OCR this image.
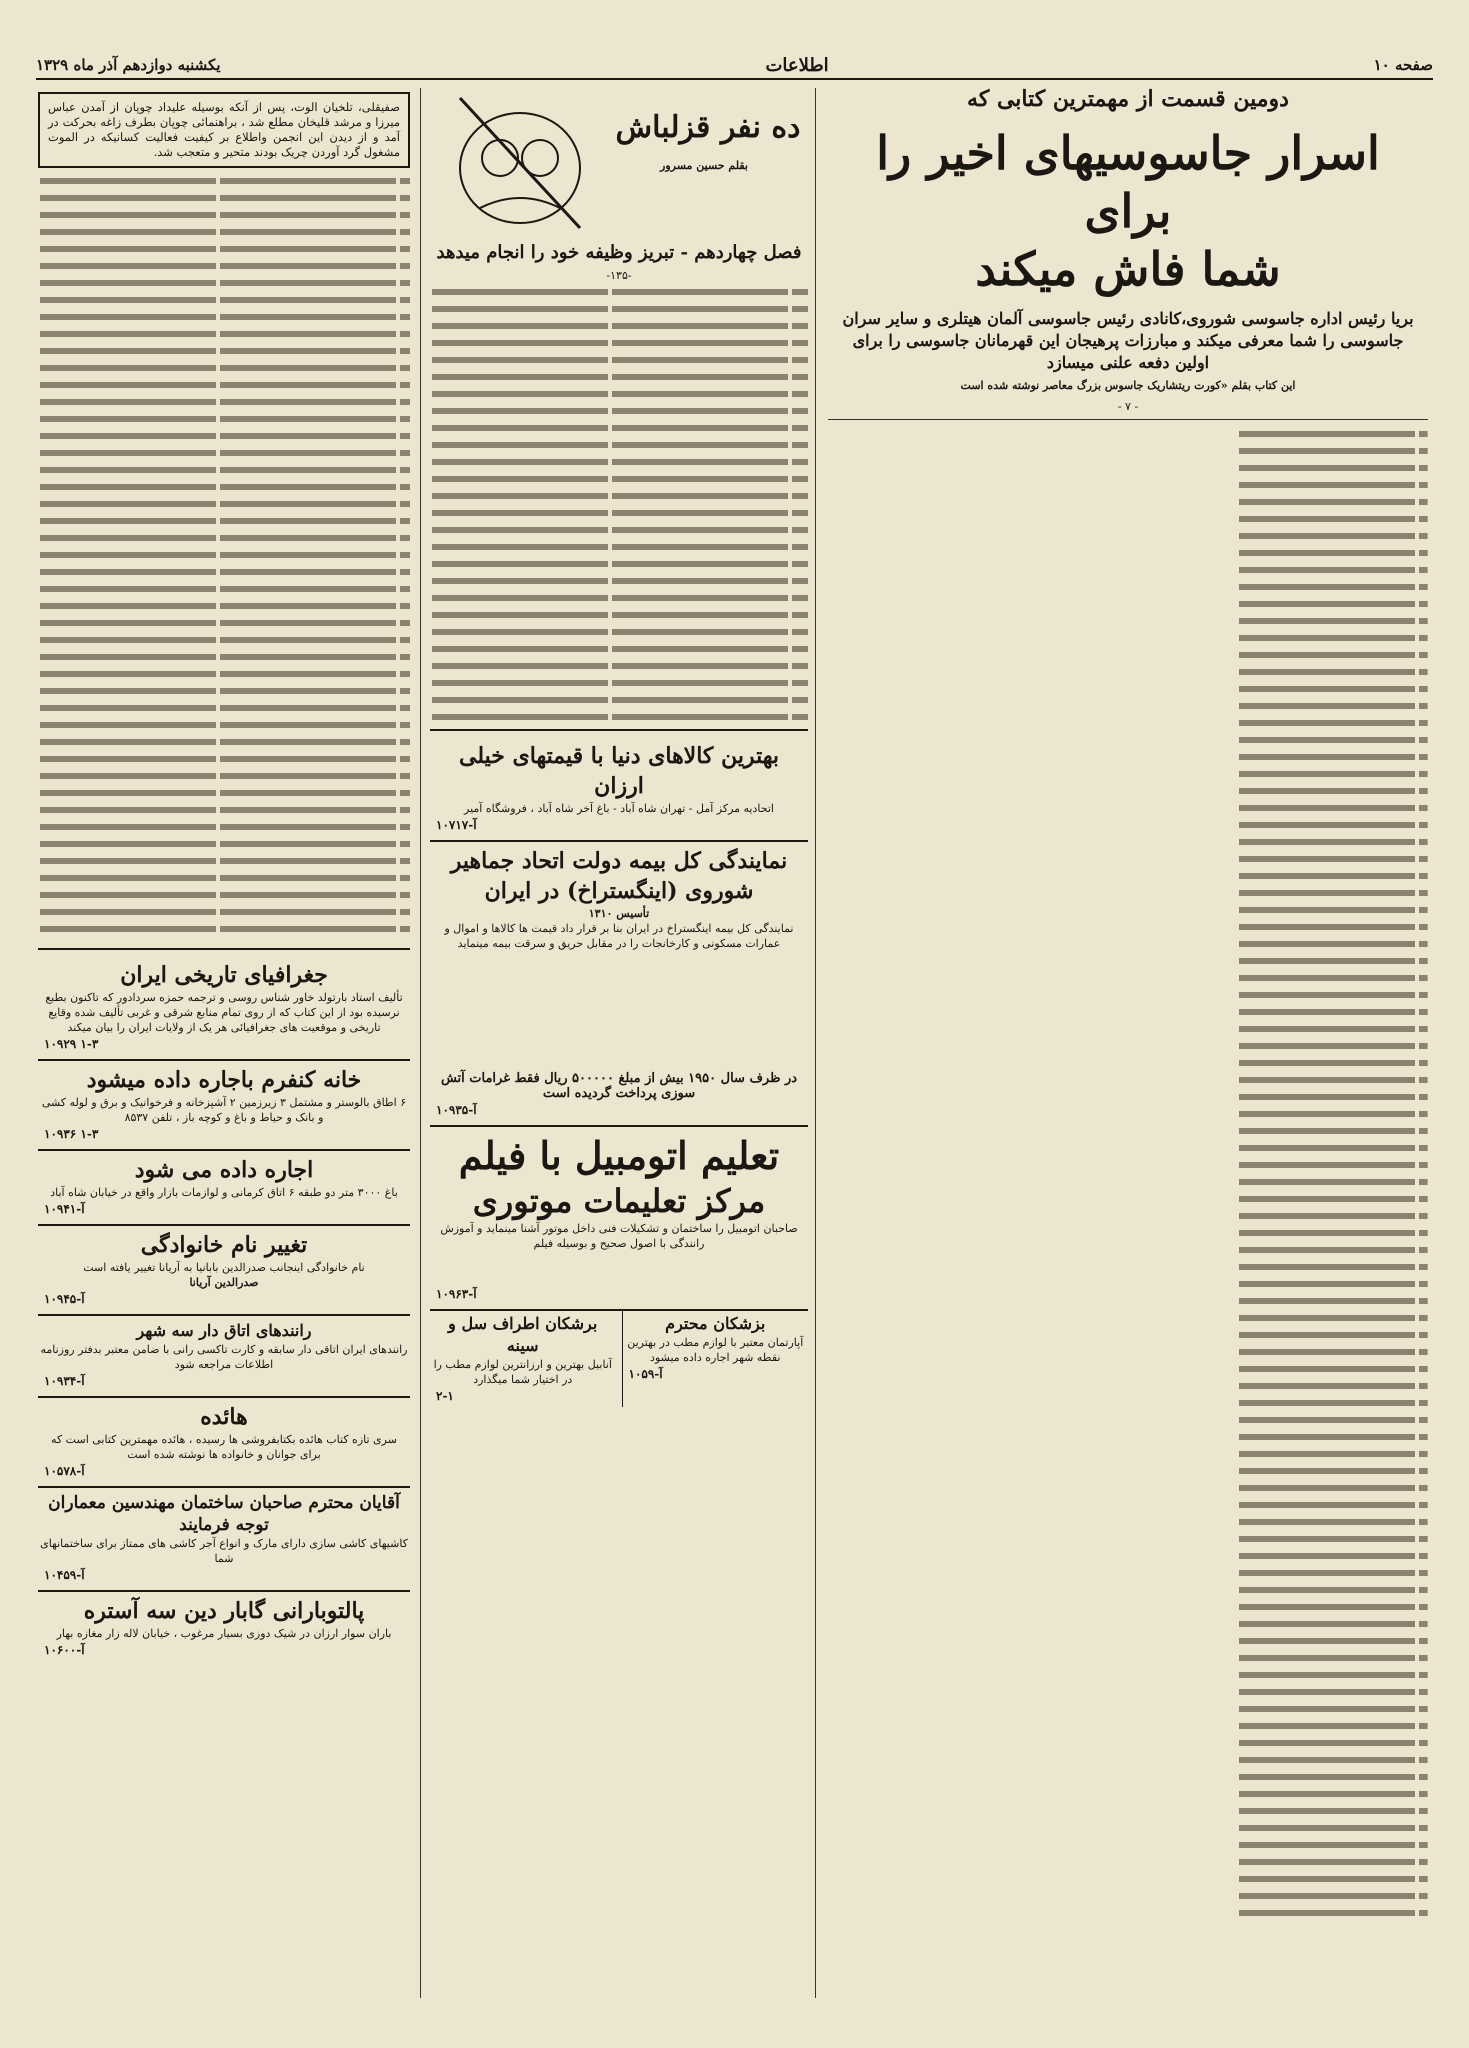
صفحه ۱۰
اطلاعات
یکشنبه دوازدهم آذر ماه ۱۳۲۹
دومین قسمت از مهمترین کتابی که
اسرار جاسوسیهای اخیر را برای
شما فاش میکند
بریا رئیس اداره جاسوسی شوروی،کانادی رئیس جاسوسی آلمان هیتلری و سایر سران جاسوسی را شما معرفی میکند و مبارزات پرهیجان این قهرمانان جاسوسی را برای اولین دفعه علنی میسازد
این کتاب بقلم «کورت ریتشاریک جاسوس بزرگ معاصر نوشته شده است
- ۷ -
ده نفر قزلباش
بقلم حسین مسرور
فصل چهاردهم - تبریز وظیفه خود را انجام میدهد
-۱۳۵-
بهترین کالاهای دنیا با قیمتهای خیلی ارزان
اتحادیه مرکز آمل - تهران شاه آباد - باغ آخر شاه آباد ، فروشگاه آمیر
۱۰۷۱۷-آ
نمایندگی کل بیمه دولت اتحاد جماهیر شوروی (اینگستراخ) در ایران
تأسیس ۱۳۱۰
نمایندگی کل بیمه اینگستراخ در ایران بنا بر قرار داد قیمت ها کالاها و اموال و عمارات مسکونی و کارخانجات را در مقابل حریق و سرقت بیمه مینماید
در ظرف سال ۱۹۵۰ بیش از مبلغ ۵۰۰۰۰۰ ریال فقط غرامات آتش سوزی پرداخت گردیده است
۱۰۹۳۵-آ
تعلیم اتومبیل با فیلم
مرکز تعلیمات موتوری
صاحبان اتومبیل را ساختمان و تشکیلات فنی داخل موتور آشنا مینماید و آموزش رانندگی با اصول صحیح و بوسیله فیلم
۱۰۹۶۳-آ
بزشکان محترم
آپارتمان معتبر با لوازم مطب در بهترین نقطه شهر اجاره داده میشود
۱۰۵۹-آ
برشکان اطراف سل و سینه
آنابیل بهترین و ارزانترین لوازم مطب را در اختیار شما میگذارد
۲-۱
صفیقلی، تلخیان الوت، پس از آنکه بوسیله علیداد چوپان از آمدن عباس میرزا و مرشد قلیخان مطلع شد ، براهنمائی چوپان بطرف زاغه بحرکت در آمد و از دیدن این انجمن واطلاع بر کیفیت فعالیت کسانیکه در الموت مشغول گرد آوردن چریک بودند متحیر و متعجب شد.
جغرافیای تاریخی ایران
تألیف استاد بارتولد خاور شناس روسی و ترجمه حمزه سردادور که تاکنون بطبع نرسیده بود از این کتاب که از روی تمام منابع شرقی و غربی تألیف شده وقایع تاریخی و موقعیت های جغرافیائی هر یک از ولایات ایران را بیان میکند
۱۰۹۲۹ ۱-۳
خانه کنفرم باجاره داده میشود
۶ اطاق بالوستر و مشتمل ۳ زیرزمین ۲ آشپزخانه و فرخوانیک و برق و لوله کشی و بانک و حیاط و باغ و کوچه باز ، تلفن ۸۵۳۷
۱۰۹۳۶ ۱-۳
اجاره داده می شود
باغ ۳۰۰۰ متر دو طبقه ۶ اتاق کرمانی و لوازمات بازار واقع در خیابان شاه آباد
۱۰۹۴۱-آ
تغییر نام خانوادگی
نام خانوادگی اینجانب صدرالدین بابانیا به آریانا تغییر یافته است
صدرالدین آریانا
۱۰۹۴۵-آ
رانندهای اتاق دار سه شهر
رانندهای ایران اتاقی دار سابقه و کارت تاکسی رانی با ضامن معتبر بدفتر روزنامه اطلاعات مراجعه شود
۱۰۹۳۴-آ
هائده
سری تازه کتاب هائده بکتابفروشی ها رسیده ، هائده مهمترین کتابی است که برای جوانان و خانواده ها نوشته شده است
۱۰۵۷۸-آ
آقایان محترم صاحبان ساختمان مهندسین معماران توجه فرمایند
کاشیهای کاشی سازی دارای مارک و انواع آجر کاشی های ممتاز برای ساختمانهای شما
۱۰۴۵۹-آ
پالتوبارانی گابار دین سه آستره
باران سوار ارزان در شیک دوزی بسیار مرغوب ، خیابان لاله زار مغازه بهار
۱۰۶۰۰-آ
